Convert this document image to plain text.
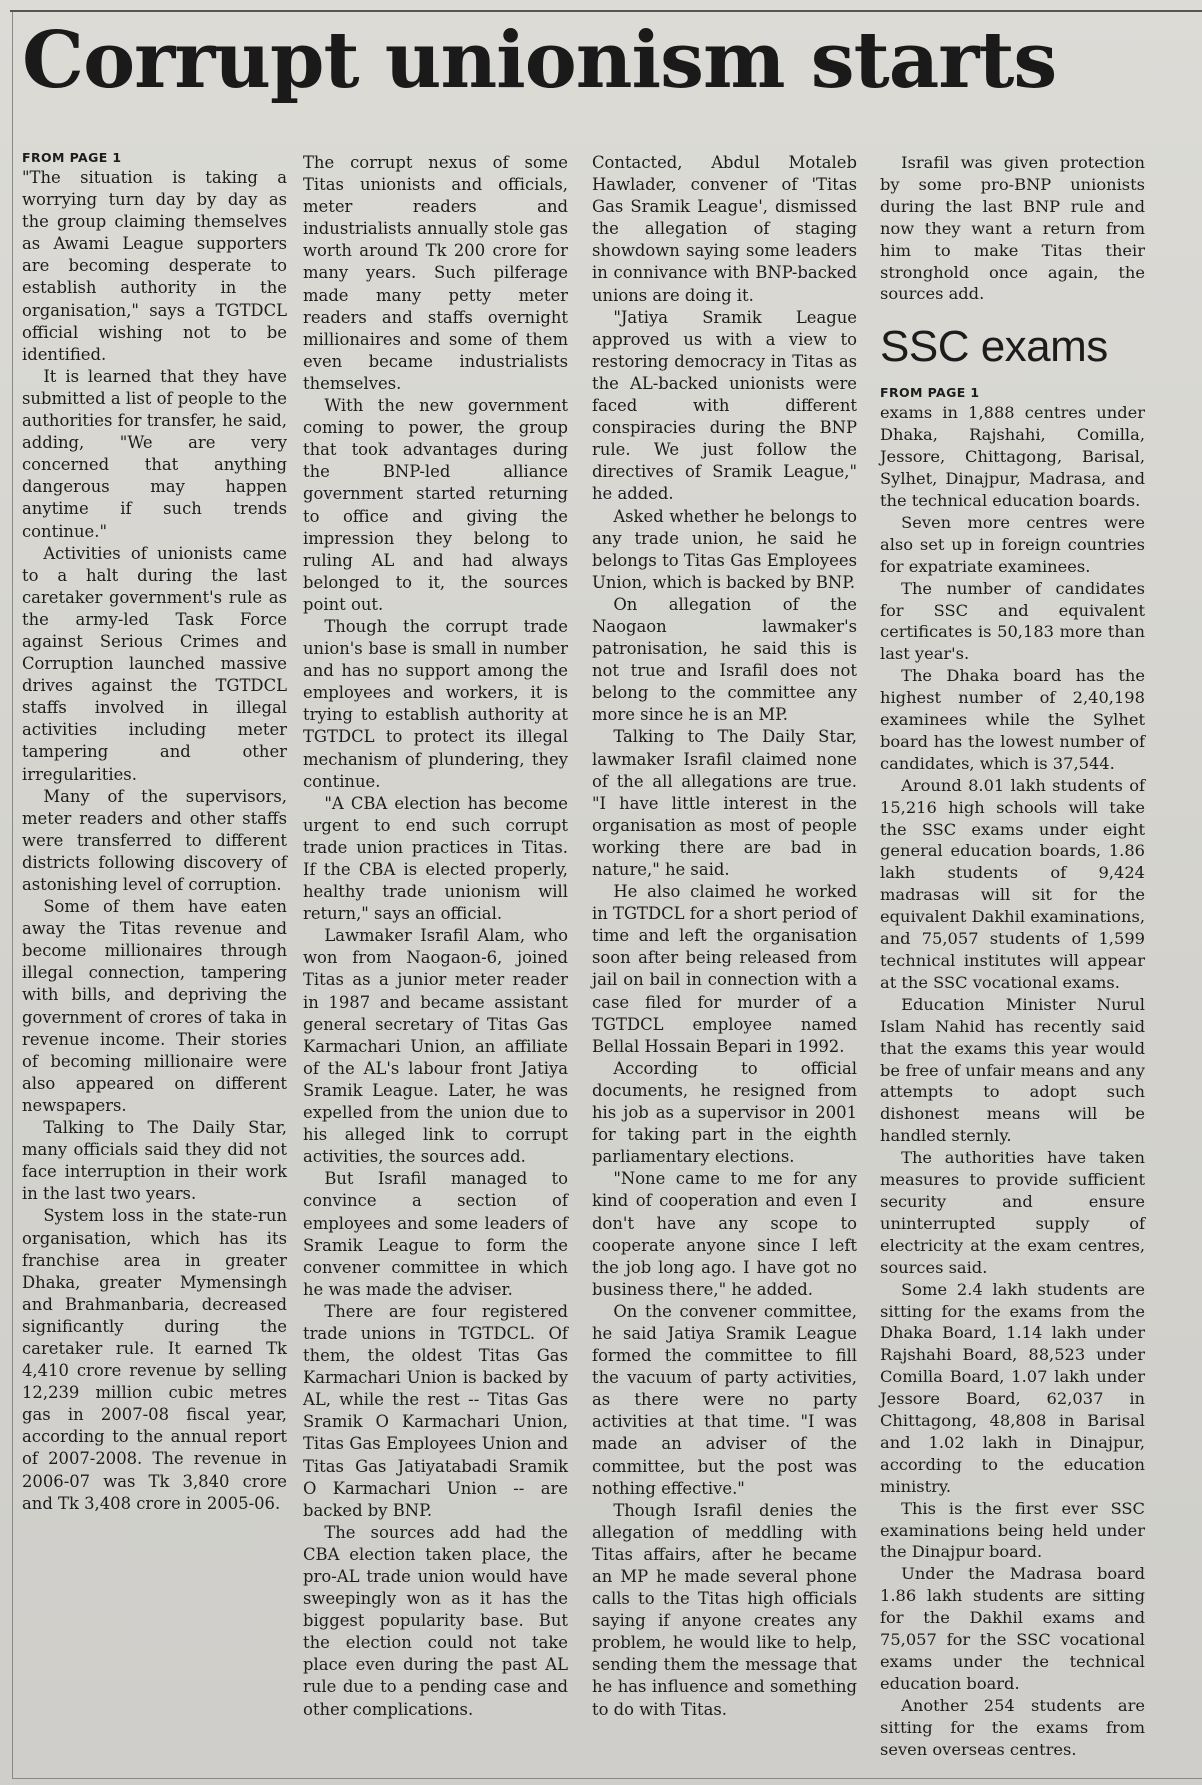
Corrupt unionism starts
FROM PAGE 1

"The situation is taking a worrying turn day by day as the group claiming themselves as Awami League supporters are becoming desperate to establish authority in the organisation," says a TGTDCL official wishing not to be identified.

It is learned that they have submitted a list of people to the authorities for transfer, he said, adding, "We are very concerned that anything dangerous may happen anytime if such trends continue."

Activities of unionists came to a halt during the last caretaker government's rule as the army-led Task Force against Serious Crimes and Corruption launched massive drives against the TGTDCL staffs involved in illegal activities including meter tampering and other irregularities.

Many of the supervisors, meter readers and other staffs were transferred to different districts following discovery of astonishing level of corruption.

Some of them have eaten away the Titas revenue and become millionaires through illegal connection, tampering with bills, and depriving the government of crores of taka in revenue income. Their stories of becoming millionaire were also appeared on different newspapers.

Talking to The Daily Star, many officials said they did not face interruption in their work in the last two years.

System loss in the state-run organisation, which has its franchise area in greater Dhaka, greater Mymensingh and Brahmanbaria, decreased significantly during the caretaker rule. It earned Tk 4,410 crore revenue by selling 12,239 million cubic metres gas in 2007-08 fiscal year, according to the annual report of 2007-2008. The revenue in 2006-07 was Tk 3,840 crore and Tk 3,408 crore in 2005-06.

The corrupt nexus of some Titas unionists and officials, meter readers and industrialists annually stole gas worth around Tk 200 crore for many years. Such pilferage made many petty meter readers and staffs overnight millionaires and some of them even became industrialists themselves.

With the new government coming to power, the group that took advantages during the BNP-led alliance government started returning to office and giving the impression they belong to ruling AL and had always belonged to it, the sources point out.

Though the corrupt trade union's base is small in number and has no support among the employees and workers, it is trying to establish authority at TGTDCL to protect its illegal mechanism of plundering, they continue.

"A CBA election has become urgent to end such corrupt trade union practices in Titas. If the CBA is elected properly, healthy trade unionism will return," says an official.

Lawmaker Israfil Alam, who won from Naogaon-6, joined Titas as a junior meter reader in 1987 and became assistant general secretary of Titas Gas Karmachari Union, an affiliate of the AL's labour front Jatiya Sramik League. Later, he was expelled from the union due to his alleged link to corrupt activities, the sources add.

But Israfil managed to convince a section of employees and some leaders of Sramik League to form the convener committee in which he was made the adviser.

There are four registered trade unions in TGTDCL. Of them, the oldest Titas Gas Karmachari Union is backed by AL, while the rest -- Titas Gas Sramik O Karmachari Union, Titas Gas Employees Union and Titas Gas Jatiyatabadi Sramik O Karmachari Union -- are backed by BNP.

The sources add had the CBA election taken place, the pro-AL trade union would have sweepingly won as it has the biggest popularity base. But the election could not take place even during the past AL rule due to a pending case and other complications.

Contacted, Abdul Motaleb Hawlader, convener of 'Titas Gas Sramik League', dismissed the allegation of staging showdown saying some leaders in connivance with BNP-backed unions are doing it.

"Jatiya Sramik League approved us with a view to restoring democracy in Titas as the AL-backed unionists were faced with different conspiracies during the BNP rule. We just follow the directives of Sramik League," he added.

Asked whether he belongs to any trade union, he said he belongs to Titas Gas Employees Union, which is backed by BNP.

On allegation of the Naogaon lawmaker's patronisation, he said this is not true and Israfil does not belong to the committee any more since he is an MP.

Talking to The Daily Star, lawmaker Israfil claimed none of the all allegations are true. "I have little interest in the organisation as most of people working there are bad in nature," he said.

He also claimed he worked in TGTDCL for a short period of time and left the organisation soon after being released from jail on bail in connection with a case filed for murder of a TGTDCL employee named Bellal Hossain Bepari in 1992.

According to official documents, he resigned from his job as a supervisor in 2001 for taking part in the eighth parliamentary elections.

"None came to me for any kind of cooperation and even I don't have any scope to cooperate anyone since I left the job long ago. I have got no business there," he added.

On the convener committee, he said Jatiya Sramik League formed the committee to fill the vacuum of party activities, as there were no party activities at that time. "I was made an adviser of the committee, but the post was nothing effective."

Though Israfil denies the allegation of meddling with Titas affairs, after he became an MP he made several phone calls to the Titas high officials saying if anyone creates any problem, he would like to help, sending them the message that he has influence and something to do with Titas.

Israfil was given protection by some pro-BNP unionists during the last BNP rule and now they want a return from him to make Titas their stronghold once again, the sources add.

SSC exams
FROM PAGE 1

exams in 1,888 centres under Dhaka, Rajshahi, Comilla, Jessore, Chittagong, Barisal, Sylhet, Dinajpur, Madrasa, and the technical education boards.

Seven more centres were also set up in foreign countries for expatriate examinees.

The number of candidates for SSC and equivalent certificates is 50,183 more than last year's.

The Dhaka board has the highest number of 2,40,198 examinees while the Sylhet board has the lowest number of candidates, which is 37,544.

Around 8.01 lakh students of 15,216 high schools will take the SSC exams under eight general education boards, 1.86 lakh students of 9,424 madrasas will sit for the equivalent Dakhil examinations, and 75,057 students of 1,599 technical institutes will appear at the SSC vocational exams.

Education Minister Nurul Islam Nahid has recently said that the exams this year would be free of unfair means and any attempts to adopt such dishonest means will be handled sternly.

The authorities have taken measures to provide sufficient security and ensure uninterrupted supply of electricity at the exam centres, sources said.

Some 2.4 lakh students are sitting for the exams from the Dhaka Board, 1.14 lakh under Rajshahi Board, 88,523 under Comilla Board, 1.07 lakh under Jessore Board, 62,037 in Chittagong, 48,808 in Barisal and 1.02 lakh in Dinajpur, according to the education ministry.

This is the first ever SSC examinations being held under the Dinajpur board.

Under the Madrasa board 1.86 lakh students are sitting for the Dakhil exams and 75,057 for the SSC vocational exams under the technical education board.

Another 254 students are sitting for the exams from seven overseas centres.
